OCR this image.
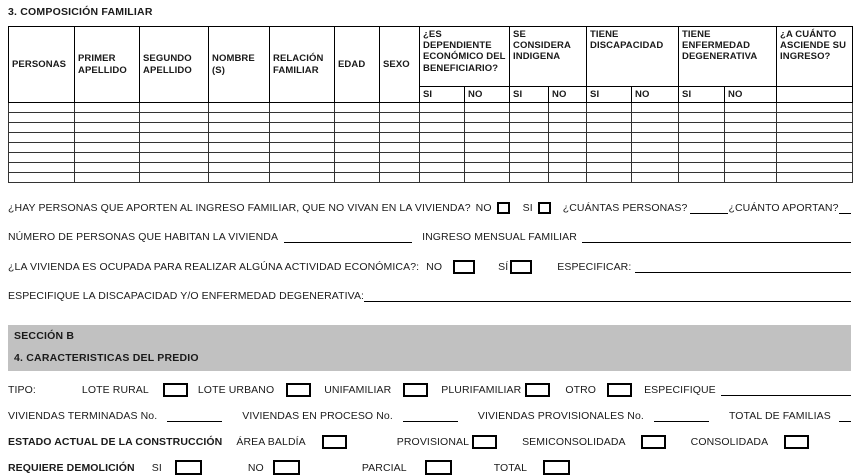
3. COMPOSICIÓN FAMILIAR
PERSONAS	PRIMER APELLIDO	SEGUNDO APELLIDO	NOMBRE (S)	RELACIÓN FAMILIAR	EDAD	SEXO	¿ES DEPENDIENTE ECONÓMICO DEL BENEFICIARIO?		SE CONSIDERA INDIGENA		TIENE DISCAPACIDAD		TIENE ENFERMEDAD DEGENERATIVA		¿A CUÁNTO ASCIENDE SU INGRESO?
							SI	NO	SI	NO	SI	NO	SI	NO	

¿HAY PERSONAS QUE APORTEN AL INGRESO FAMILIAR, QUE NO VIVAN EN LA VIVIENDA? NO	SI	¿CUÁNTAS PERSONAS?	¿CUÁNTO APORTAN?
NÚMERO DE PERSONAS QUE HABITAN LA VIVIENDA	INGRESO MENSUAL FAMILIAR
¿LA VIVIENDA ES OCUPADA PARA REALIZAR ALGÚNA ACTIVIDAD ECONÓMICA?: NO	SÍ	ESPECIFICAR:
ESPECIFIQUE LA DISCAPACIDAD Y/O ENFERMEDAD DEGENERATIVA:
SECCIÓN B
4. CARACTERISTICAS DEL PREDIO
TIPO:	LOTE RURAL	LOTE URBANO	UNIFAMILIAR	PLURIFAMILIAR	OTRO	ESPECIFIQUE
VIVIENDAS TERMINADAS No.	VIVIENDAS EN PROCESO No.	VIVIENDAS PROVISIONALES No.	TOTAL DE FAMILIAS
ESTADO ACTUAL DE LA CONSTRUCCIÓN ÁREA BALDÍA	PROVISIONAL	SEMICONSOLIDADA	CONSOLIDADA
REQUIERE DEMOLICIÓN SI	NO	PARCIAL	TOTAL
